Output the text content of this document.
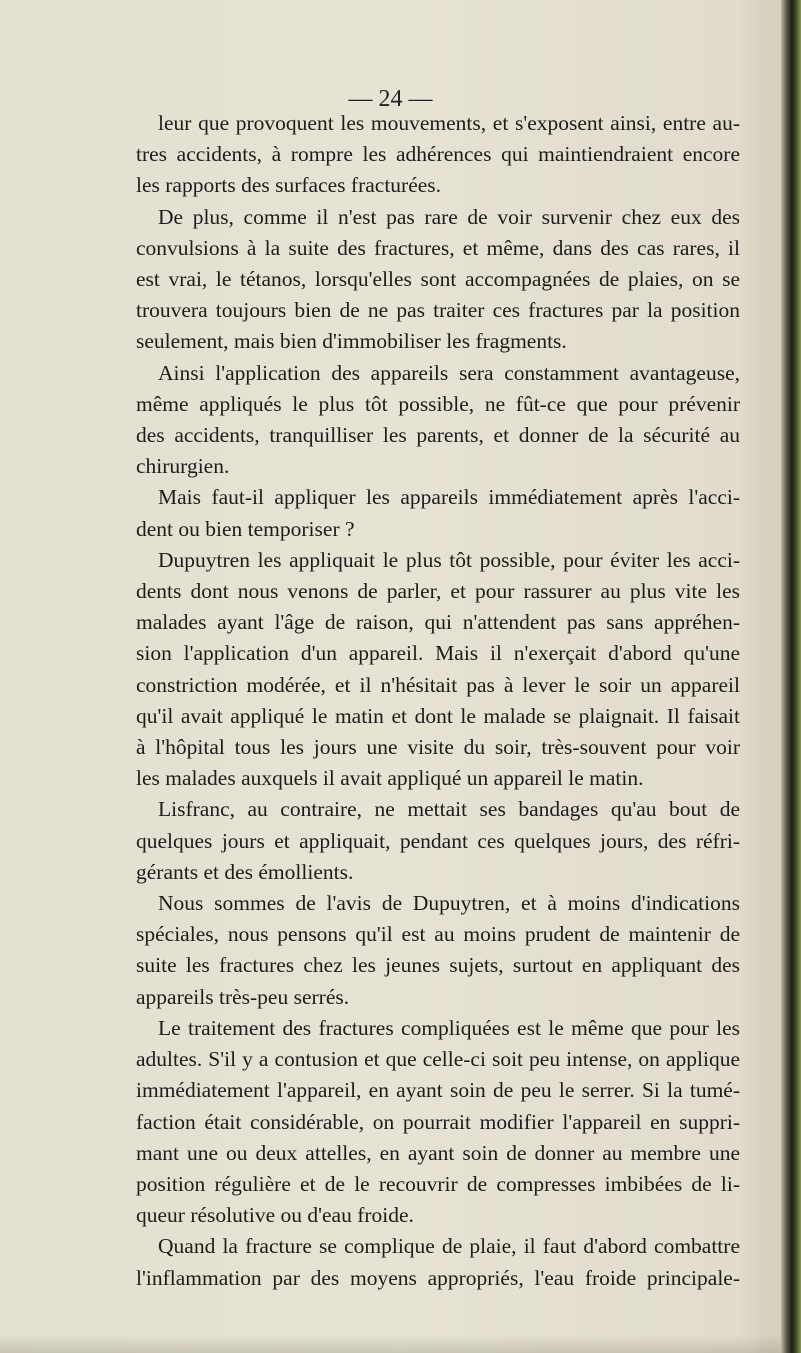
— 24 —

leur que provoquent les mouvements, et s'exposent ainsi, entre au-
tres accidents, à rompre les adhérences qui maintiendraient encore
les rapports des surfaces fracturées.

De plus, comme il n'est pas rare de voir survenir chez eux des
convulsions à la suite des fractures, et même, dans des cas rares, il
est vrai, le tétanos, lorsqu'elles sont accompagnées de plaies, on se
trouvera toujours bien de ne pas traiter ces fractures par la position
seulement, mais bien d'immobiliser les fragments.

Ainsi l'application des appareils sera constamment avantageuse,
même appliqués le plus tôt possible, ne fût-ce que pour prévenir
des accidents, tranquilliser les parents, et donner de la sécurité au
chirurgien.

Mais faut-il appliquer les appareils immédiatement après l'acci-
dent ou bien temporiser ?

Dupuytren les appliquait le plus tôt possible, pour éviter les acci-
dents dont nous venons de parler, et pour rassurer au plus vite les
malades ayant l'âge de raison, qui n'attendent pas sans appréhen-
sion l'application d'un appareil. Mais il n'exerçait d'abord qu'une
constriction modérée, et il n'hésitait pas à lever le soir un appareil
qu'il avait appliqué le matin et dont le malade se plaignait. Il faisait
à l'hôpital tous les jours une visite du soir, très-souvent pour voir
les malades auxquels il avait appliqué un appareil le matin.

Lisfranc, au contraire, ne mettait ses bandages qu'au bout de
quelques jours et appliquait, pendant ces quelques jours, des réfri-
gérants et des émollients.

Nous sommes de l'avis de Dupuytren, et à moins d'indications
spéciales, nous pensons qu'il est au moins prudent de maintenir de
suite les fractures chez les jeunes sujets, surtout en appliquant des
appareils très-peu serrés.

Le traitement des fractures compliquées est le même que pour les
adultes. S'il y a contusion et que celle-ci soit peu intense, on applique
immédiatement l'appareil, en ayant soin de peu le serrer. Si la tumé-
faction était considérable, on pourrait modifier l'appareil en suppri-
mant une ou deux attelles, en ayant soin de donner au membre une
position régulière et de le recouvrir de compresses imbibées de li-
queur résolutive ou d'eau froide.

Quand la fracture se complique de plaie, il faut d'abord combattre
l'inflammation par des moyens appropriés, l'eau froide principale-
